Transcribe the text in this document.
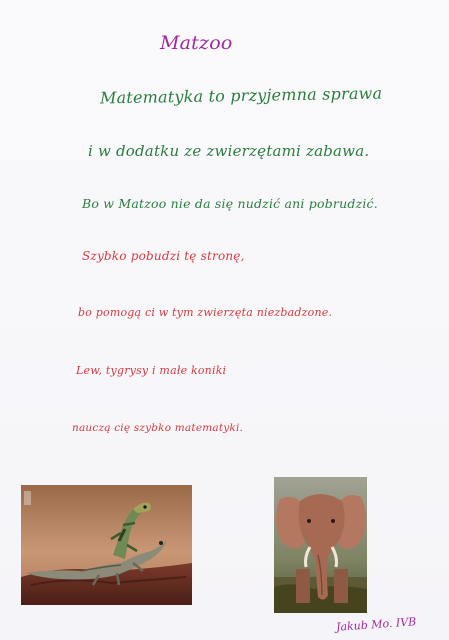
Matzoo
Matematyka to przyjemna sprawa
i w dodatku ze zwierzętami zabawa.
Bo w Matzoo nie da się nudzić ani pobrudzić.
Szybko pobudzi tę stronę,
bo pomogą ci w tym zwierzęta niezbadzone.
Lew, tygrysy i małe koniki
nauczą cię szybko matematyki.
Jakub Mo. IVB
